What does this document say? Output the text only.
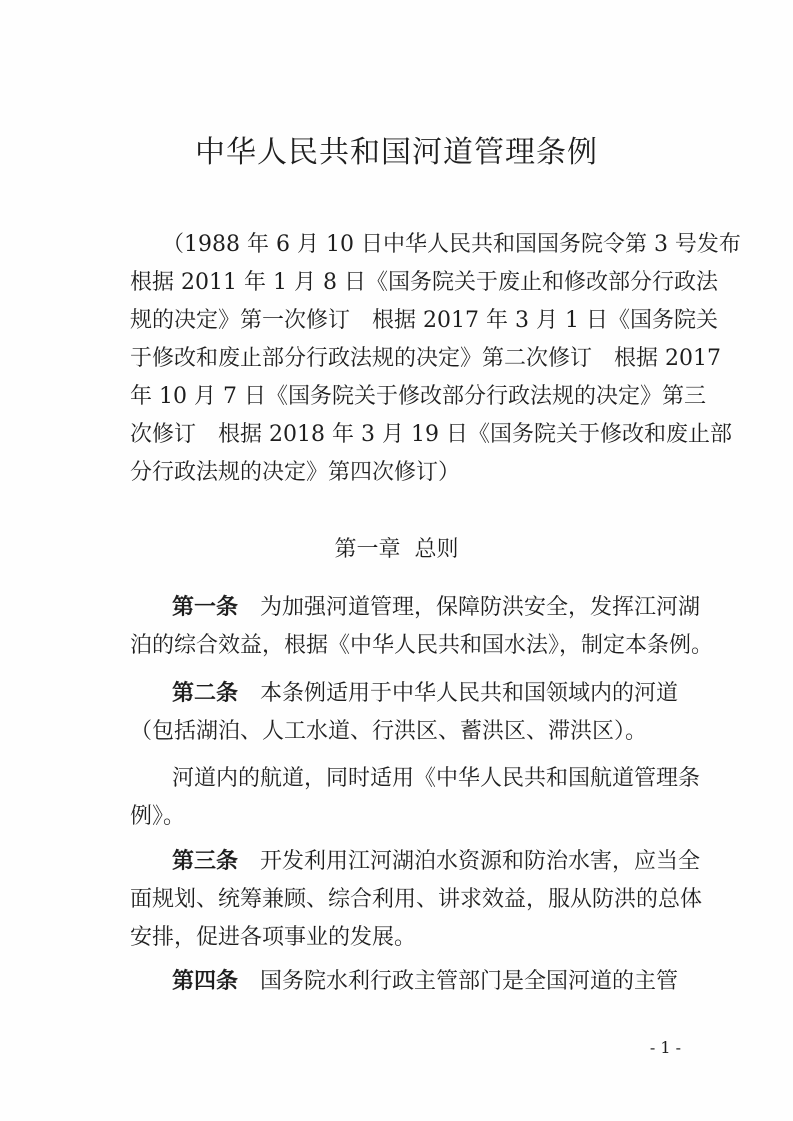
中华人民共和国河道管理条例
（1988 年 6 月 10 日中华人民共和国国务院令第 3 号发布
根据 2011 年 1 月 8 日《国务院关于废止和修改部分行政法
规的决定》第一次修订　根据 2017 年 3 月 1 日《国务院关
于修改和废止部分行政法规的决定》第二次修订　根据 2017
年 10 月 7 日《国务院关于修改部分行政法规的决定》第三
次修订　根据 2018 年 3 月 19 日《国务院关于修改和废止部
分行政法规的决定》第四次修订）
第一章 总则
第一条 为加强河道管理，保障防洪安全，发挥江河湖
泊的综合效益，根据《中华人民共和国水法》，制定本条例。
第二条 本条例适用于中华人民共和国领域内的河道
（包括湖泊、人工水道、行洪区、蓄洪区、滞洪区）。
河道内的航道，同时适用《中华人民共和国航道管理条
例》。
第三条 开发利用江河湖泊水资源和防治水害，应当全
面规划、统筹兼顾、综合利用、讲求效益，服从防洪的总体
安排，促进各项事业的发展。
第四条 国务院水利行政主管部门是全国河道的主管
- 1 -
